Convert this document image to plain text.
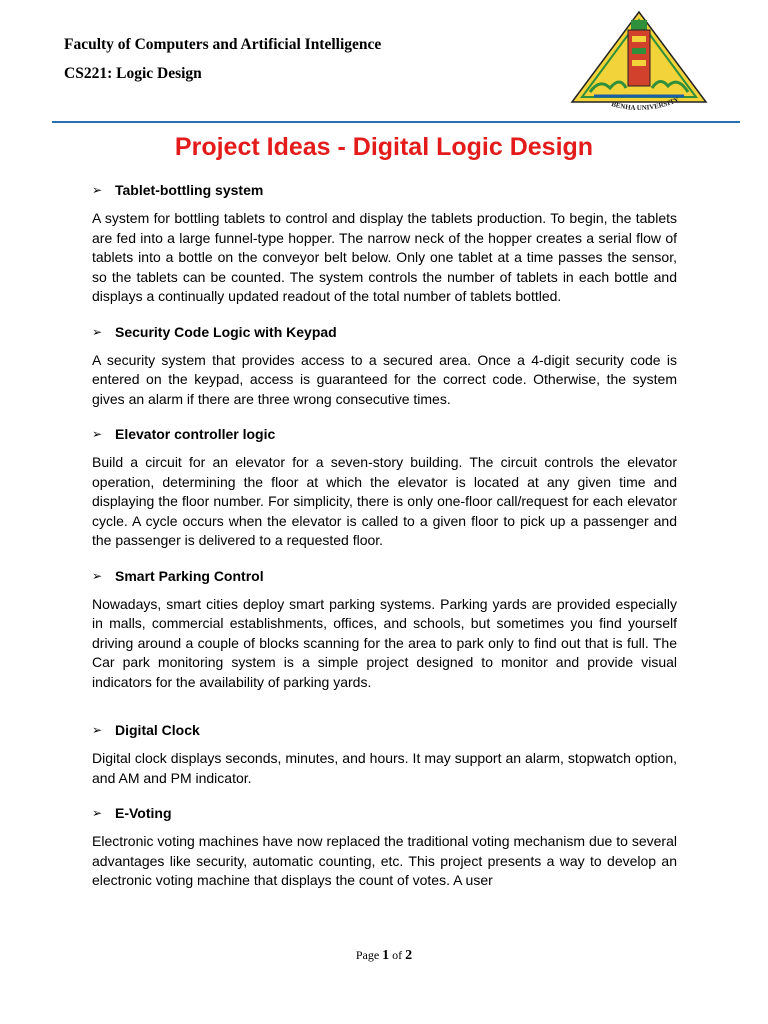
Faculty of Computers and Artificial Intelligence
CS221: Logic Design
BENHA UNIVERSITY
Project Ideas - Digital Logic Design
➢ Tablet-bottling system

A system for bottling tablets to control and display the tablets production. To begin, the tablets are fed into a large funnel-type hopper. The narrow neck of the hopper creates a serial flow of tablets into a bottle on the conveyor belt below. Only one tablet at a time passes the sensor, so the tablets can be counted. The system controls the number of tablets in each bottle and displays a continually updated readout of the total number of tablets bottled.

➢ Security Code Logic with Keypad

A security system that provides access to a secured area. Once a 4-digit security code is entered on the keypad, access is guaranteed for the correct code. Otherwise, the system gives an alarm if there are three wrong consecutive times.

➢ Elevator controller logic

Build a circuit for an elevator for a seven-story building. The circuit controls the elevator operation, determining the floor at which the elevator is located at any given time and displaying the floor number. For simplicity, there is only one-floor call/request for each elevator cycle. A cycle occurs when the elevator is called to a given floor to pick up a passenger and the passenger is delivered to a requested floor.

➢ Smart Parking Control

Nowadays, smart cities deploy smart parking systems. Parking yards are provided especially in malls, commercial establishments, offices, and schools, but sometimes you find yourself driving around a couple of blocks scanning for the area to park only to find out that is full. The Car park monitoring system is a simple project designed to monitor and provide visual indicators for the availability of parking yards.

➢ Digital Clock

Digital clock displays seconds, minutes, and hours. It may support an alarm, stopwatch option, and AM and PM indicator.

➢ E-Voting

Electronic voting machines have now replaced the traditional voting mechanism due to several advantages like security, automatic counting, etc. This project presents a way to develop an electronic voting machine that displays the count of votes. A user

Page 1 of 2
